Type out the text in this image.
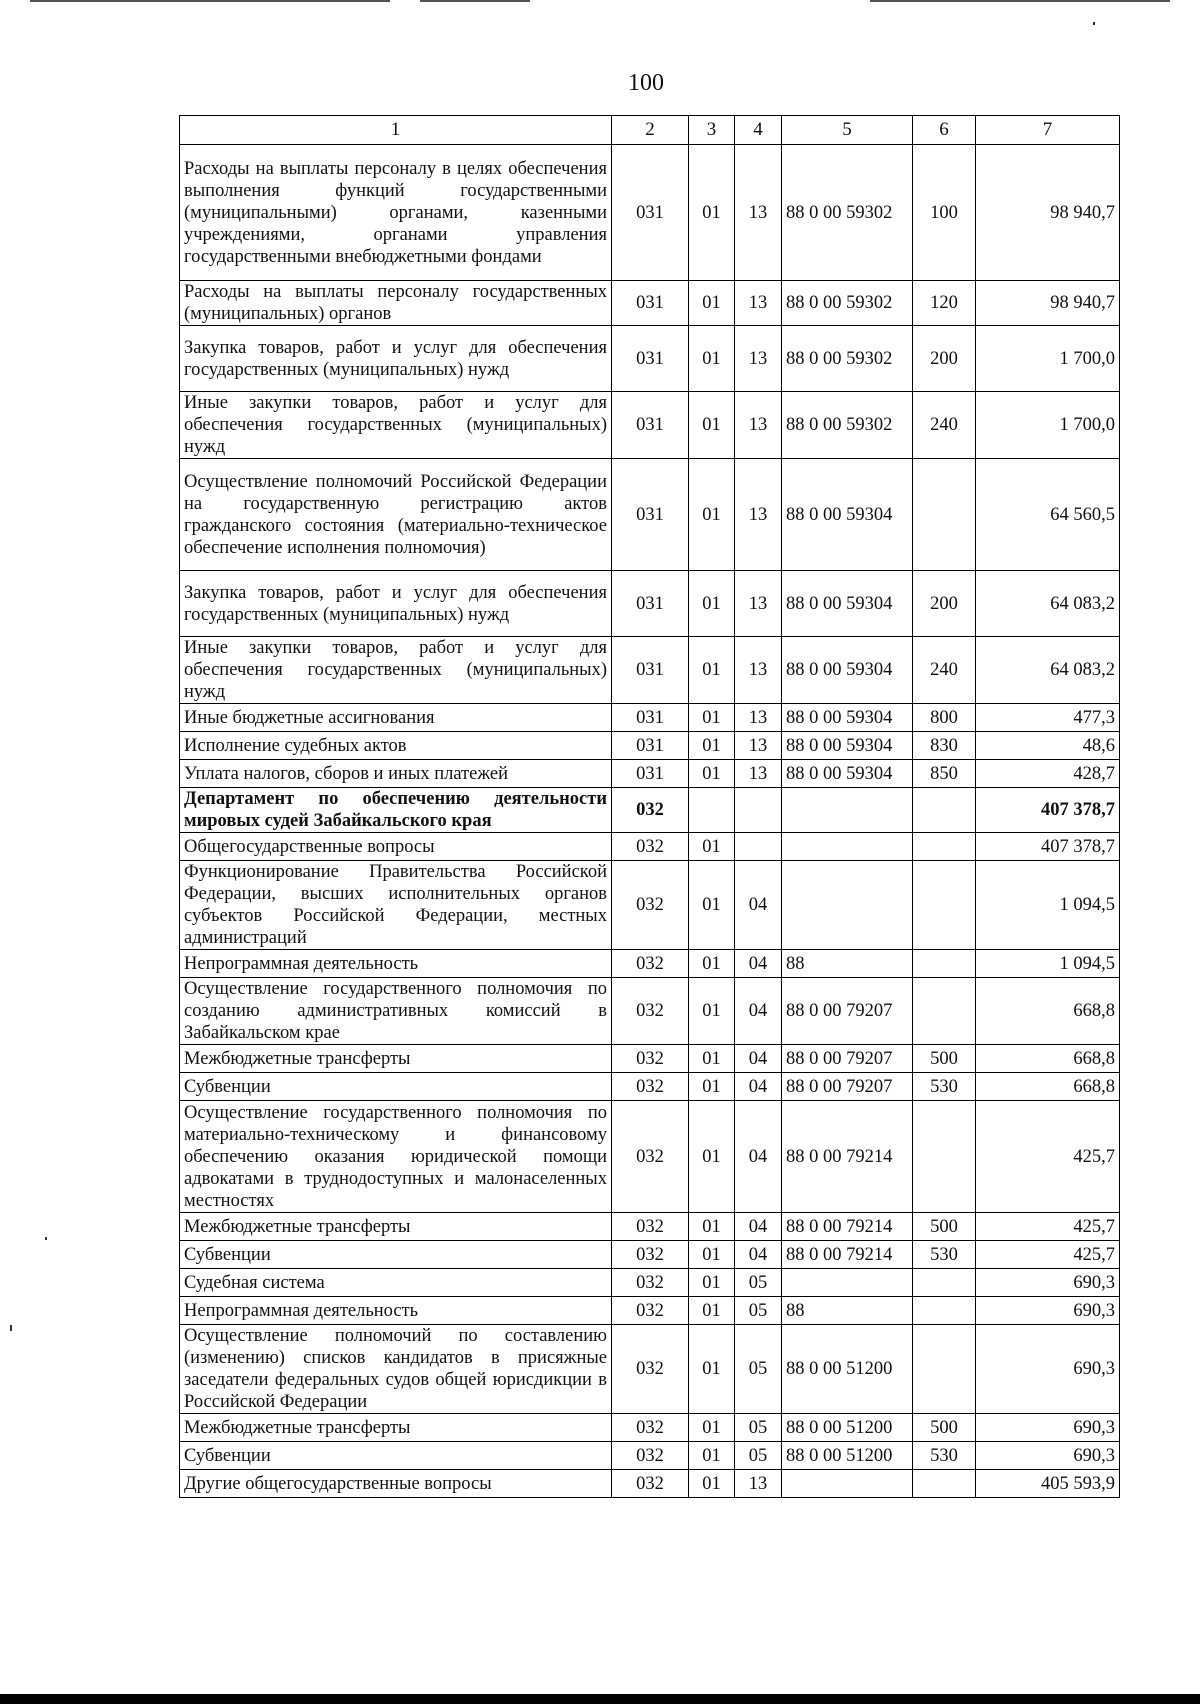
100
1	2	3	4	5	6	7
Расходы на выплаты персоналу в целях обеспечения выполнения функций государственными (муниципальными) органами, казенными учреждениями, органами управления государственными внебюджетными фондами	031	01	13	88 0 00 59302	100	98 940,7
Расходы на выплаты персоналу государственных (муниципальных) органов	031	01	13	88 0 00 59302	120	98 940,7
Закупка товаров, работ и услуг для обеспечения государственных (муниципальных) нужд	031	01	13	88 0 00 59302	200	1 700,0
Иные закупки товаров, работ и услуг для обеспечения государственных (муниципальных) нужд	031	01	13	88 0 00 59302	240	1 700,0
Осуществление полномочий Российской Федерации на государственную регистрацию актов гражданского состояния (материально-техническое обеспечение исполнения полномочия)	031	01	13	88 0 00 59304		64 560,5
Закупка товаров, работ и услуг для обеспечения государственных (муниципальных) нужд	031	01	13	88 0 00 59304	200	64 083,2
Иные закупки товаров, работ и услуг для обеспечения государственных (муниципальных) нужд	031	01	13	88 0 00 59304	240	64 083,2
Иные бюджетные ассигнования	031	01	13	88 0 00 59304	800	477,3
Исполнение судебных актов	031	01	13	88 0 00 59304	830	48,6
Уплата налогов, сборов и иных платежей	031	01	13	88 0 00 59304	850	428,7
Департамент по обеспечению деятельности мировых судей Забайкальского края	032					407 378,7
Общегосударственные вопросы	032	01				407 378,7
Функционирование Правительства Российской Федерации, высших исполнительных органов субъектов Российской Федерации, местных администраций	032	01	04			1 094,5
Непрограммная деятельность	032	01	04	88		1 094,5
Осуществление государственного полномочия по созданию административных комиссий в Забайкальском крае	032	01	04	88 0 00 79207		668,8
Межбюджетные трансферты	032	01	04	88 0 00 79207	500	668,8
Субвенции	032	01	04	88 0 00 79207	530	668,8
Осуществление государственного полномочия по материально-техническому и финансовому обеспечению оказания юридической помощи адвокатами в труднодоступных и малонаселенных местностях	032	01	04	88 0 00 79214		425,7
Межбюджетные трансферты	032	01	04	88 0 00 79214	500	425,7
Субвенции	032	01	04	88 0 00 79214	530	425,7
Судебная система	032	01	05			690,3
Непрограммная деятельность	032	01	05	88		690,3
Осуществление полномочий по составлению (изменению) списков кандидатов в присяжные заседатели федеральных судов общей юрисдикции в Российской Федерации	032	01	05	88 0 00 51200		690,3
Межбюджетные трансферты	032	01	05	88 0 00 51200	500	690,3
Субвенции	032	01	05	88 0 00 51200	530	690,3
Другие общегосударственные вопросы	032	01	13			405 593,9
